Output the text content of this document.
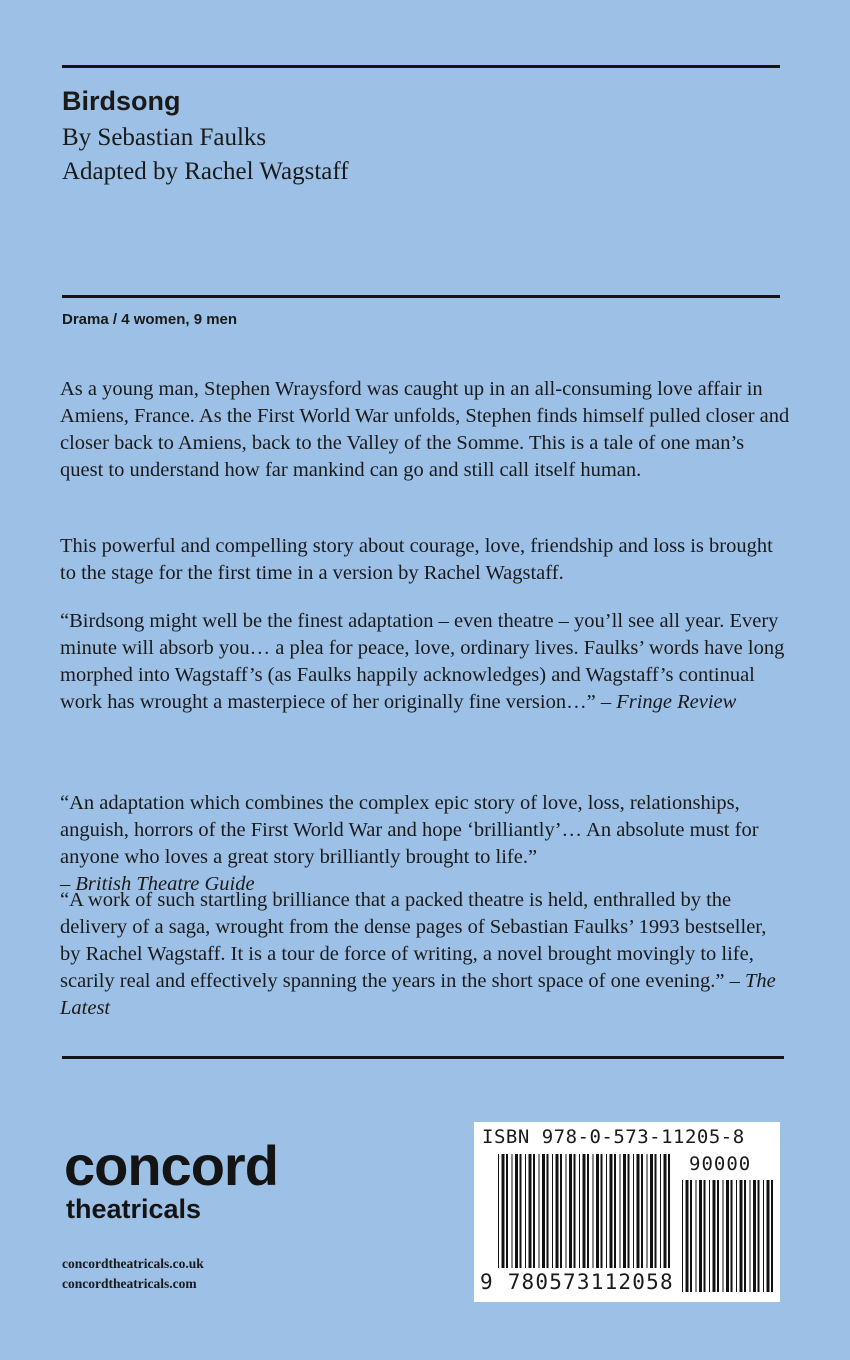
Birdsong

By Sebastian Faulks

Adapted by Rachel Wagstaff

Drama / 4 women, 9 men

As a young man, Stephen Wraysford was caught up in an all-consuming love affair in Amiens, France. As the First World War unfolds, Stephen finds himself pulled closer and closer back to Amiens, back to the Valley of the Somme. This is a tale of one man’s quest to understand how far mankind can go and still call itself human.

This powerful and compelling story about courage, love, friendship and loss is brought to the stage for the first time in a version by Rachel Wagstaff.

“Birdsong might well be the finest adaptation – even theatre – you’ll see all year. Every minute will absorb you… a plea for peace, love, ordinary lives. Faulks’ words have long morphed into Wagstaff’s (as Faulks happily acknowledges) and Wagstaff’s continual work has wrought a masterpiece of her originally fine version…” – Fringe Review

“An adaptation which combines the complex epic story of love, loss, relationships, anguish, horrors of the First World War and hope ‘brilliantly’… An absolute must for anyone who loves a great story brilliantly brought to life.”
– British Theatre Guide

“A work of such startling brilliance that a packed theatre is held, enthralled by the delivery of a saga, wrought from the dense pages of Sebastian Faulks’ 1993 bestseller, by Rachel Wagstaff. It is a tour de force of writing, a novel brought movingly to life, scarily real and effectively spanning the years in the short space of one evening.” – The Latest

concord
theatricals
concordtheatricals.co.uk
concordtheatricals.com
ISBN 978-0-573-11205-8
90000
9 780573112058
